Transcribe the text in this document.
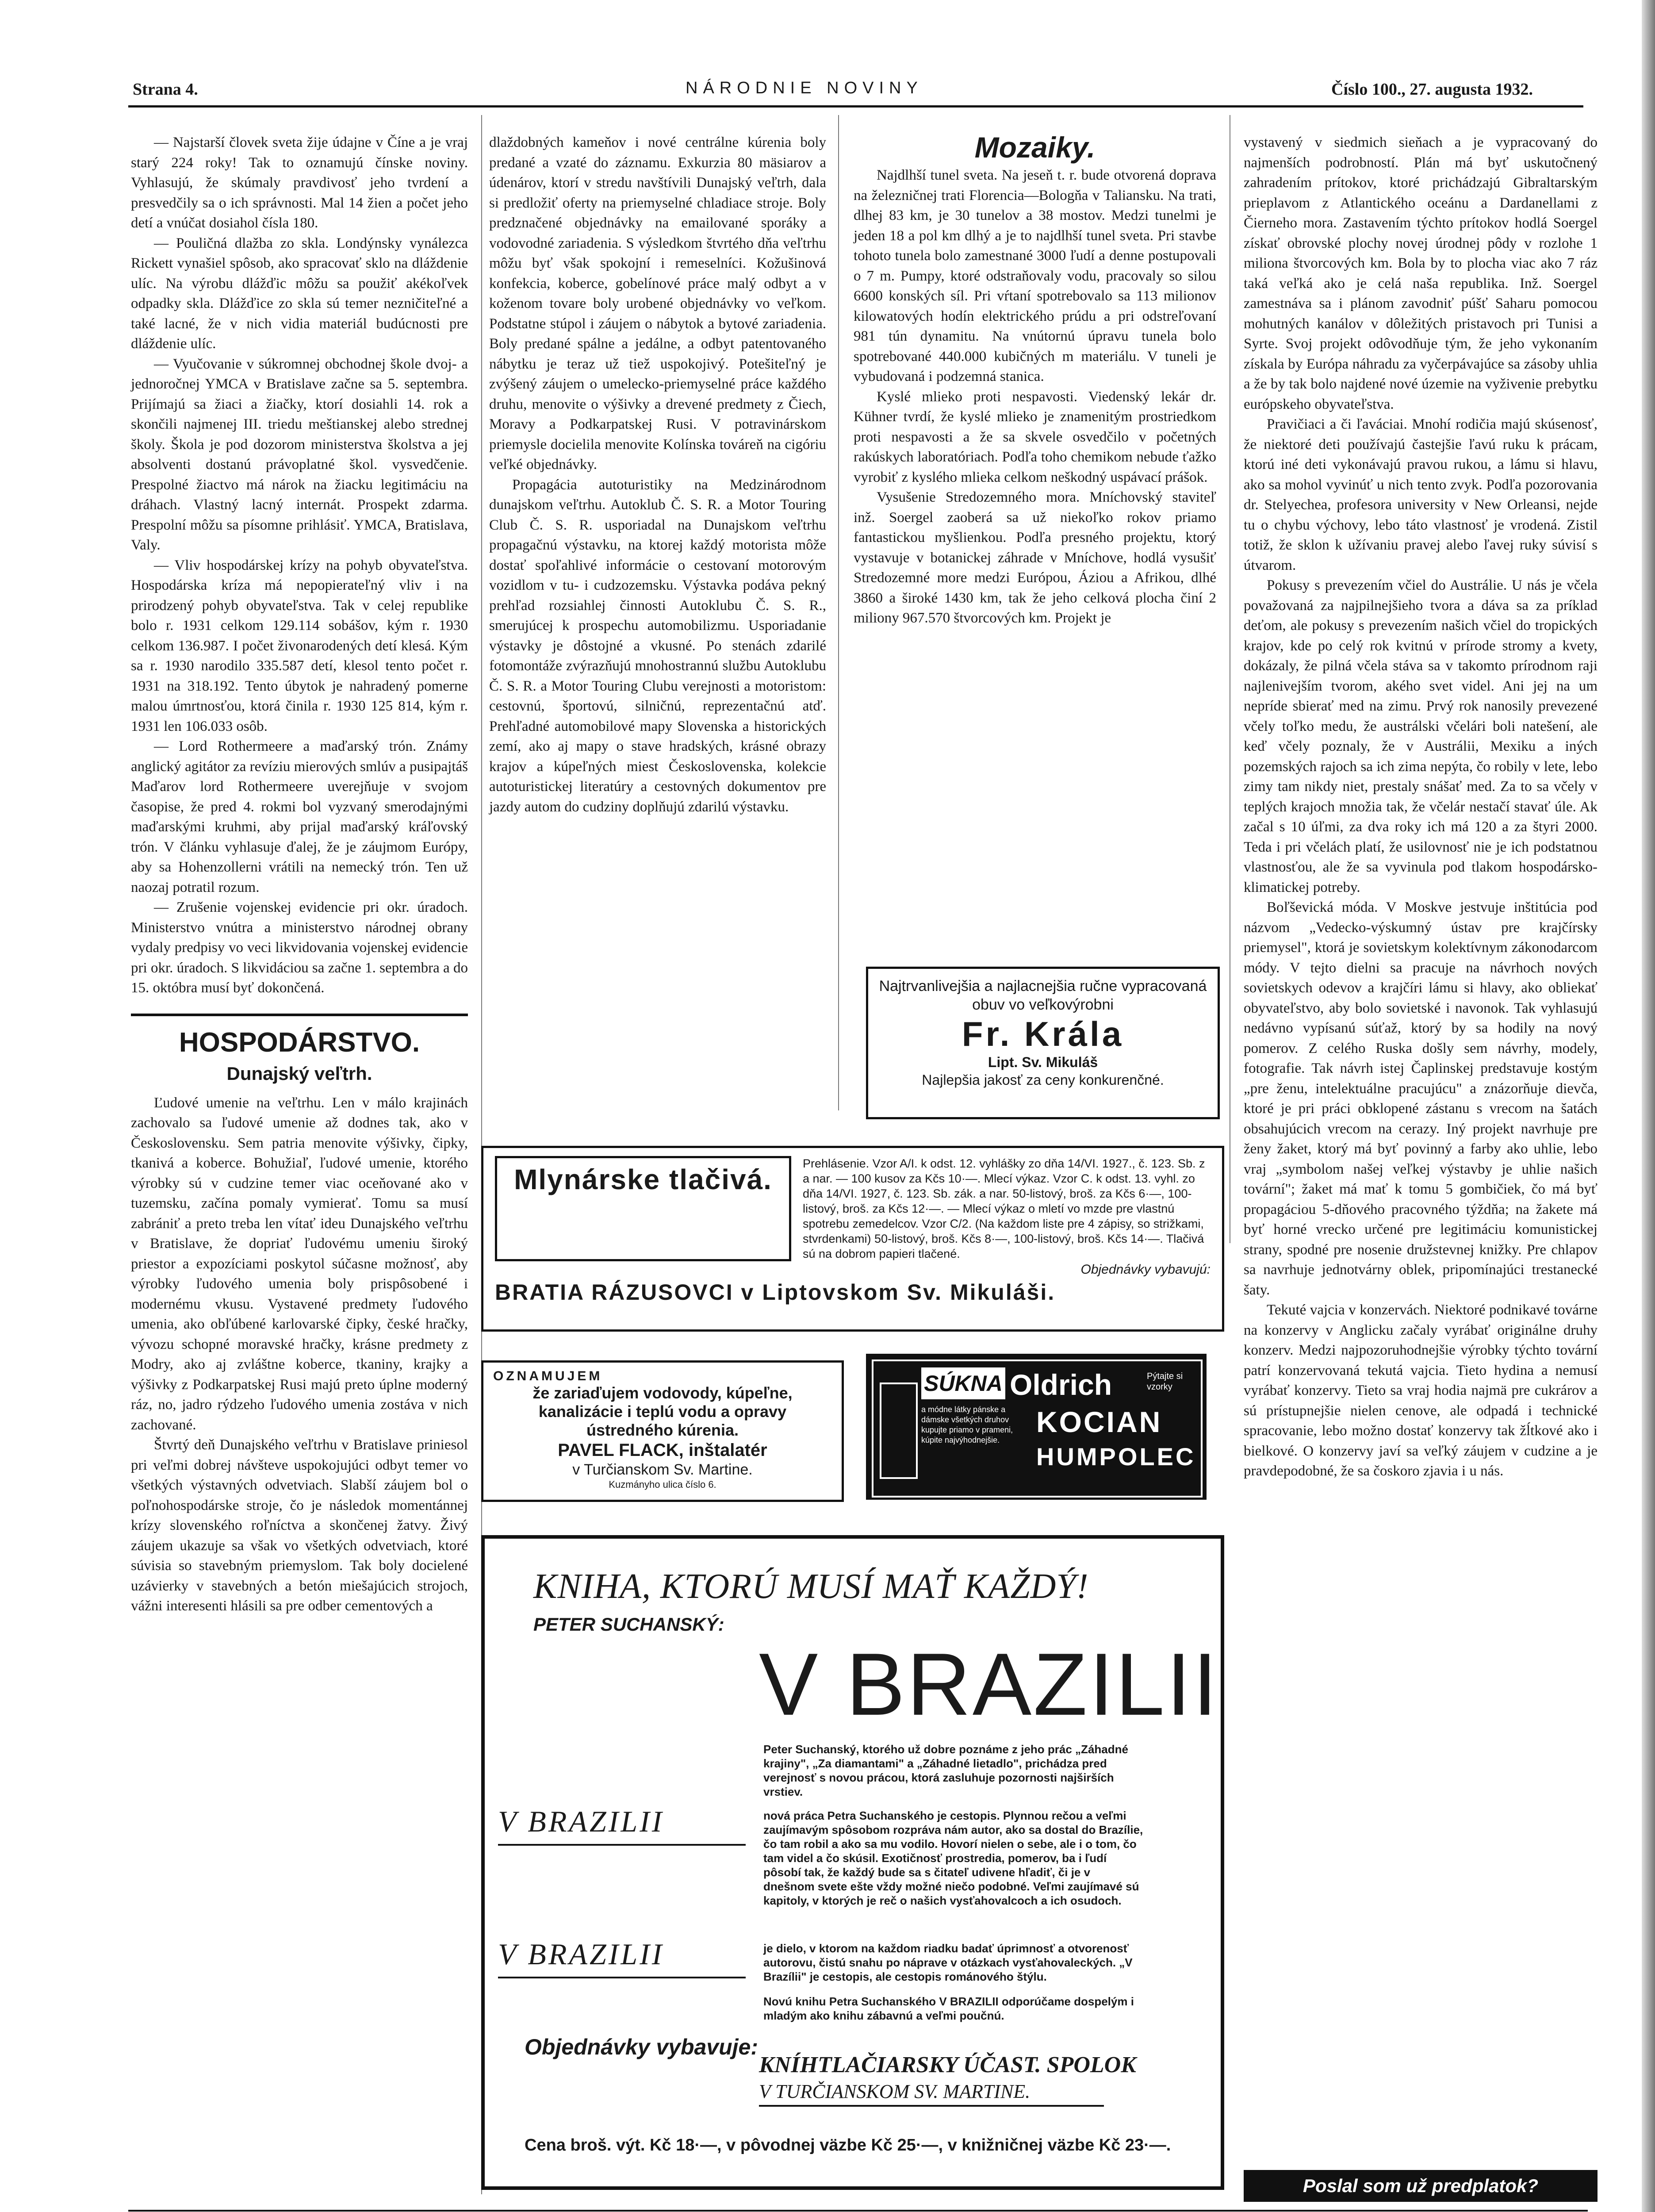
Strana 4.	NÁRODNIE NOVINY	Číslo 100., 27. augusta 1932.

— Najstarší človek sveta žije údajne v Číne a je vraj starý 224 roky! Tak to oznamujú čínske noviny. Vyhlasujú, že skúmaly pravdivosť jeho tvrdení a presvedčily sa o ich správnosti. Mal 14 žien a počet jeho detí a vnúčat dosiahol čísla 180.

— Pouličná dlažba zo skla. Londýnsky vynálezca Rickett vynašiel spôsob, ako spracovať sklo na dláždenie ulíc. Na výrobu dlážďic môžu sa použiť akékoľvek odpadky skla. Dlážďice zo skla sú temer nezničiteľné a také lacné, že v nich vidia materiál budúcnosti pre dláždenie ulíc.

— Vyučovanie v súkromnej obchodnej škole dvoj- a jednoročnej YMCA v Bratislave začne sa 5. septembra. Prijímajú sa žiaci a žiačky, ktorí dosiahli 14. rok a skončili najmenej III. triedu meštianskej alebo strednej školy. Škola je pod dozorom ministerstva školstva a jej absolventi dostanú právoplatné škol. vysvedčenie. Prespolné žiactvo má nárok na žiacku legitimáciu na dráhach. Vlastný lacný internát. Prospekt zdarma. Prespolní môžu sa písomne prihlásiť. YMCA, Bratislava, Valy.

— Vliv hospodárskej krízy na pohyb obyvateľstva. Hospodárska kríza má nepopierateľný vliv i na prirodzený pohyb obyvateľstva. Tak v celej republike bolo r. 1931 celkom 129.114 sobášov, kým r. 1930 celkom 136.987. I počet živonarodených detí klesá. Kým sa r. 1930 narodilo 335.587 detí, klesol tento počet r. 1931 na 318.192. Tento úbytok je nahradený pomerne malou úmrtnosťou, ktorá činila r. 1930 125 814, kým r. 1931 len 106.033 osôb.

— Lord Rothermeere a maďarský trón. Známy anglický agitátor za revíziu mierových smlúv a pusipajtáš Maďarov lord Rothermeere uverejňuje v svojom časopise, že pred 4. rokmi bol vyzvaný smerodajnými maďarskými kruhmi, aby prijal maďarský kráľovský trón. V článku vyhlasuje ďalej, že je záujmom Európy, aby sa Hohenzollerni vrátili na nemecký trón. Ten už naozaj potratil rozum.

— Zrušenie vojenskej evidencie pri okr. úradoch. Ministerstvo vnútra a ministerstvo národnej obrany vydaly predpisy vo veci likvidovania vojenskej evidencie pri okr. úradoch. S likvidáciou sa začne 1. septembra a do 15. októbra musí byť dokončená.

HOSPODÁRSTVO.
Dunajský veľtrh.

Ľudové umenie na veľtrhu. Len v málo krajinách zachovalo sa ľudové umenie až dodnes tak, ako v Československu. Sem patria menovite výšivky, čipky, tkanivá a koberce. Bohužiaľ, ľudové umenie, ktorého výrobky sú v cudzine temer viac oceňované ako v tuzemsku, začína pomaly vymierať. Tomu sa musí zabrániť a preto treba len vítať ideu Dunajského veľtrhu v Bratislave, že dopriať ľudovému umeniu široký priestor a expozíciami poskytol súčasne možnosť, aby výrobky ľudového umenia boly prispôsobené i modernému vkusu. Vystavené predmety ľudového umenia, ako obľúbené karlovarské čipky, české hračky, vývozu schopné moravské hračky, krásne predmety z Modry, ako aj zvláštne koberce, tkaniny, krajky a výšivky z Podkarpatskej Rusi majú preto úplne moderný ráz, no, jadro rýdzeho ľudového umenia zostáva v nich zachované.

Štvrtý deň Dunajského veľtrhu v Bratislave priniesol pri veľmi dobrej návšteve uspokojujúci odbyt temer vo všetkých výstavných odvetviach. Slabší záujem bol o poľnohospodárske stroje, čo je následok momentánnej krízy slovenského roľníctva a skončenej žatvy. Živý záujem ukazuje sa však vo všetkých odvetviach, ktoré súvisia so stavebným priemyslom. Tak boly docielené uzávierky v stavebných a betón miešajúcich strojoch, vážni interesenti hlásili sa pre odber cementových a

dlaždobných kameňov i nové centrálne kúrenia boly predané a vzaté do záznamu. Exkurzia 80 mäsiarov a údenárov, ktorí v stredu navštívili Dunajský veľtrh, dala si predložiť oferty na priemyselné chladiace stroje. Boly predznačené objednávky na emailované sporáky a vodovodné zariadenia. S výsledkom štvrtého dňa veľtrhu môžu byť však spokojní i remeselníci. Kožušinová konfekcia, koberce, gobelínové práce malý odbyt a v koženom tovare boly urobené objednávky vo veľkom. Podstatne stúpol i záujem o nábytok a bytové zariadenia. Boly predané spálne a jedálne, a odbyt patentovaného nábytku je teraz už tiež uspokojivý. Potešiteľný je zvýšený záujem o umelecko-priemyselné práce každého druhu, menovite o výšivky a drevené predmety z Čiech, Moravy a Podkarpatskej Rusi. V potravinárskom priemysle docielila menovite Kolínska továreň na cigóriu veľké objednávky.

Propagácia autoturistiky na Medzinárodnom dunajskom veľtrhu. Autoklub Č. S. R. a Motor Touring Club Č. S. R. usporiadal na Dunajskom veľtrhu propagačnú výstavku, na ktorej každý motorista môže dostať spoľahlivé informácie o cestovaní motorovým vozidlom v tu- i cudzozemsku. Výstavka podáva pekný prehľad rozsiahlej činnosti Autoklubu Č. S. R., smerujúcej k prospechu automobilizmu. Usporiadanie výstavky je dôstojné a vkusné. Po stenách zdarilé fotomontáže zvýrazňujú mnohostrannú službu Autoklubu Č. S. R. a Motor Touring Clubu verejnosti a motoristom: cestovnú, športovú, silničnú, reprezentačnú atď. Prehľadné automobilové mapy Slovenska a historických zemí, ako aj mapy o stave hradských, krásné obrazy krajov a kúpeľných miest Československa, kolekcie autoturistickej literatúry a cestovných dokumentov pre jazdy autom do cudziny doplňujú zdarilú výstavku.

Mozaiky.

Najdlhší tunel sveta. Na jeseň t. r. bude otvorená doprava na železničnej trati Florencia—Bologňa v Taliansku. Na trati, dlhej 83 km, je 30 tunelov a 38 mostov. Medzi tunelmi je jeden 18 a pol km dlhý a je to najdlhší tunel sveta. Pri stavbe tohoto tunela bolo zamestnané 3000 ľudí a denne postupovali o 7 m. Pumpy, ktoré odstraňovaly vodu, pracovaly so silou 6600 konských síl. Pri vŕtaní spotrebovalo sa 113 milionov kilowatových hodín elektrického prúdu a pri odstreľovaní 981 tún dynamitu. Na vnútornú úpravu tunela bolo spotrebované 440.000 kubičných m materiálu. V tuneli je vybudovaná i podzemná stanica.

Kyslé mlieko proti nespavosti. Viedenský lekár dr. Kühner tvrdí, že kyslé mlieko je znamenitým prostriedkom proti nespavosti a že sa skvele osvedčilo v početných rakúskych laboratóriach. Podľa toho chemikom nebude ťažko vyrobiť z kyslého mlieka celkom neškodný uspávací prášok.

Vysušenie Stredozemného mora. Mníchovský staviteľ inž. Soergel zaoberá sa už niekoľko rokov priamo fantastickou myšlienkou. Podľa presného projektu, ktorý vystavuje v botanickej záhrade v Mníchove, hodlá vysušiť Stredozemné more medzi Európou, Áziou a Afrikou, dlhé 3860 a široké 1430 km, tak že jeho celková plocha činí 2 miliony 967.570 štvorcových km. Projekt je

vystavený v siedmich sieňach a je vypracovaný do najmenších podrobností. Plán má byť uskutočnený zahradením prítokov, ktoré prichádzajú Gibraltarským prieplavom z Atlantického oceánu a Dardanellami z Čierneho mora. Zastavením týchto prítokov hodlá Soergel získať obrovské plochy novej úrodnej pôdy v rozlohe 1 miliona štvorcových km. Bola by to plocha viac ako 7 ráz taká veľká ako je celá naša republika. Inž. Soergel zamestnáva sa i plánom zavodniť púšť Saharu pomocou mohutných kanálov v dôležitých pristavoch pri Tunisi a Syrte. Svoj projekt odôvodňuje tým, že jeho vykonaním získala by Európa náhradu za vyčerpávajúce sa zásoby uhlia a že by tak bolo najdené nové územie na vyživenie prebytku európskeho obyvateľstva.

Pravičiaci a či ľaváciai. Mnohí rodičia majú skúsenosť, že niektoré deti používajú častejšie ľavú ruku k prácam, ktorú iné deti vykonávajú pravou rukou, a lámu si hlavu, ako sa mohol vyvinúť u nich tento zvyk. Podľa pozorovania dr. Stelyechea, profesora university v New Orleansi, nejde tu o chybu výchovy, lebo táto vlastnosť je vrodená. Zistil totiž, že sklon k užívaniu pravej alebo ľavej ruky súvisí s útvarom.

Pokusy s prevezením včiel do Austrálie. U nás je včela považovaná za najpilnejšieho tvora a dáva sa za príklad deťom, ale pokusy s prevezením našich včiel do tropických krajov, kde po celý rok kvitnú v prírode stromy a kvety, dokázaly, že pilná včela stáva sa v takomto prírodnom raji najlenivejším tvorom, akého svet videl. Ani jej na um nepríde sbierať med na zimu. Prvý rok nanosily prevezené včely toľko medu, že austrálski včelári boli natešení, ale keď včely poznaly, že v Austrálii, Mexiku a iných pozemských rajoch sa ich zima nepýta, čo robily v lete, lebo zimy tam nikdy niet, prestaly snášať med. Za to sa včely v teplých krajoch množia tak, že včelár nestačí stavať úle. Ak začal s 10 úľmi, za dva roky ich má 120 a za štyri 2000. Teda i pri včelách platí, že usilovnosť nie je ich podstatnou vlastnosťou, ale že sa vyvinula pod tlakom hospodársko-klimatickej potreby.

Boľševická móda. V Moskve jestvuje inštitúcia pod názvom „Vedecko-výskumný ústav pre krajčírsky priemysel", ktorá je sovietskym kolektívnym zákonodarcom módy. V tejto dielni sa pracuje na návrhoch nových sovietskych odevov a krajčíri lámu si hlavy, ako obliekať obyvateľstvo, aby bolo sovietské i navonok. Tak vyhlasujú nedávno vypísanú súťaž, ktorý by sa hodily na nový pomerov. Z celého Ruska došly sem návrhy, modely, fotografie. Tak návrh istej Čaplinskej predstavuje kostým „pre ženu, intelektuálne pracujúcu" a znázorňuje dievča, ktoré je pri práci obklopené zástanu s vrecom na šatách obsahujúcich vrecom na cerazy. Iný projekt navrhuje pre ženy žaket, ktorý má byť povinný a farby ako uhlie, lebo vraj „symbolom našej veľkej výstavby je uhlie našich tovární"; žaket má mať k tomu 5 gombičiek, čo má byť propagáciou 5-dňového pracovného týždňa; na žakete má byť horné vrecko určené pre legitimáciu komunistickej strany, spodné pre nosenie družstevnej knižky. Pre chlapov sa navrhuje jednotvárny oblek, pripomínajúci trestanecké šaty.

Tekuté vajcia v konzervách. Niektoré podnikavé továrne na konzervy v Anglicku začaly vyrábať originálne druhy konzerv. Medzi najpozoruhodnejšie výrobky týchto tovární patrí konzervovaná tekutá vajcia. Tieto hydina a nemusí vyrábať konzervy. Tieto sa vraj hodia najmä pre cukrárov a sú prístupnejšie nielen cenove, ale odpadá i technické spracovanie, lebo možno dostať konzervy tak žĺtkové ako i bielkové. O konzervy javí sa veľký záujem v cudzine a je pravdepodobné, že sa čoskoro zjavia i u nás.

Poslal som už predplatok?
Najtrvanlivejšia a najlacnejšia ručne vypracovaná obuv vo veľkovýrobni
Fr. Krála
Lipt. Sv. Mikuláš
Najlepšia jakosť za ceny konkurenčné.
Mlynárske tlačivá.	Prehlásenie. Vzor A/I. k odst. 12. vyhlášky zo dňa 14/VI. 1927., č. 123. Sb. z a nar. — 100 kusov za Kčs 10·—. Mlecí výkaz. Vzor C. k odst. 13. vyhl. zo dňa 14/VI. 1927, č. 123. Sb. zák. a nar. 50-listový, broš. za Kčs 6·—, 100-listový, broš. za Kčs 12·—. — Mlecí výkaz o mletí vo mzde pre vlastnú spotrebu zemedelcov. Vzor C/2. (Na každom liste pre 4 zápisy, so strižkami, stvrdenkami) 50-listový, broš. Kčs 8·—, 100-listový, broš. Kčs 14·—. Tlačivá sú na dobrom papieri tlačené.
Objednávky vybavujú:
BRATIA RÁZUSOVCI v Liptovskom Sv. Mikuláši.
OZNAMUJEM
že zariaďujem vodovody, kúpeľne, kanalizácie i teplú vodu a opravy ústredného kúrenia.
PAVEL FLACK, inštalatér
v Turčianskom Sv. Martine.
Kuzmányho ulica číslo 6.
SÚKNA Oldrich	Pýtajte si vzorky
a módne látky pánske a dámske všetkých druhov kupujte priamo v prameni, kúpite najvýhodnejšie.
KOCIAN
HUMPOLEC
KNIHA, KTORÚ MUSÍ MAŤ KAŽDÝ!
PETER SUCHANSKÝ:
V BRAZILII
Peter Suchanský, ktorého už dobre poznáme z jeho prác „Záhadné krajiny", „Za diamantami" a „Záhadné lietadlo", prichádza pred verejnosť s novou prácou, ktorá zasluhuje pozornosti najširších vrstiev.
V BRAZILII	nová práca Petra Suchanského je cestopis. Plynnou rečou a veľmi zaujímavým spôsobom rozpráva nám autor, ako sa dostal do Brazílie, čo tam robil a ako sa mu vodilo. Hovorí nielen o sebe, ale i o tom, čo tam videl a čo skúsil. Exotičnosť prostredia, pomerov, ba i ľudí pôsobí tak, že každý bude sa s čitateľ udivene hľadiť, či je v dnešnom svete ešte vždy možné niečo podobné. Veľmi zaujímavé sú kapitoly, v ktorých je reč o našich vysťahovalcoch a ich osudoch.
V BRAZILII	je dielo, v ktorom na každom riadku badať úprimnosť a otvorenosť autorovu, čistú snahu po náprave v otázkach vysťahovaleckých. „V Brazílii" je cestopis, ale cestopis románového štýlu.
Novú knihu Petra Suchanského V BRAZILII odporúčame dospelým i mladým ako knihu zábavnú a veľmi poučnú.
Objednávky vybavuje:
KNÍHTLAČIARSKY ÚČAST. SPOLOK
V TURČIANSKOM SV. MARTINE.
Cena broš. výt. Kč 18·—, v pôvodnej väzbe Kč 25·—, v knižničnej väzbe Kč 23·—.
